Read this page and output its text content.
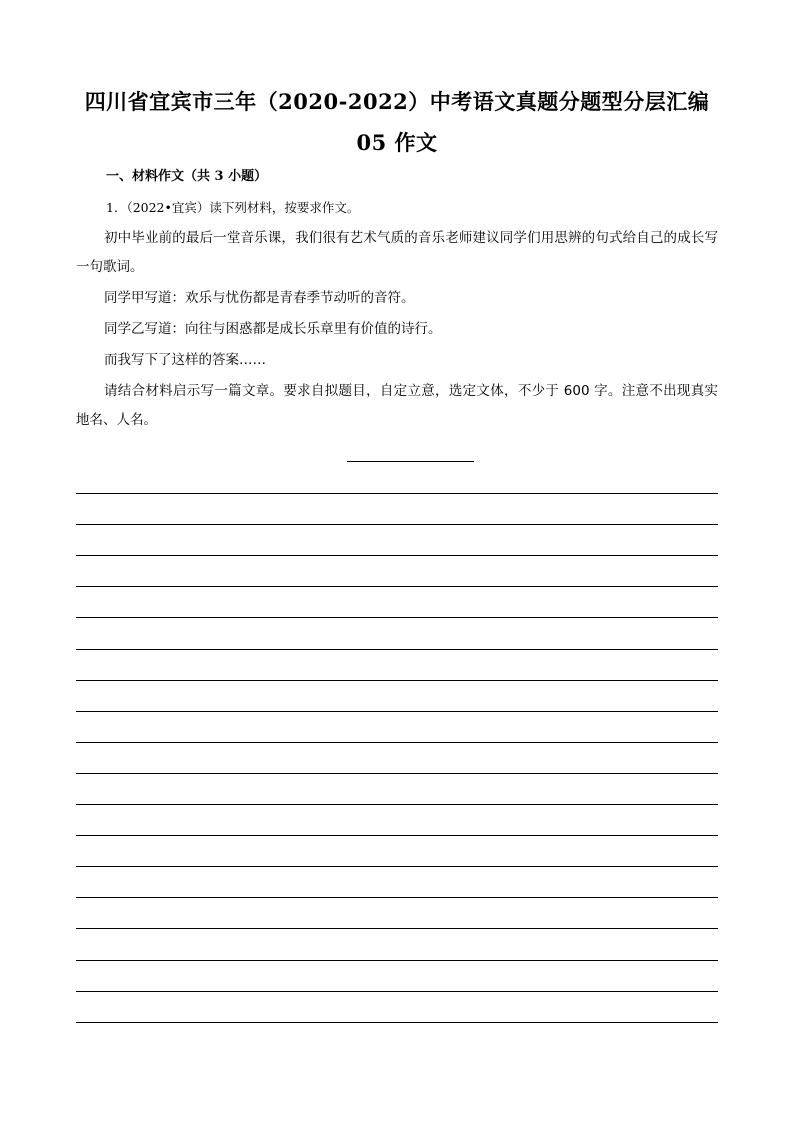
四川省宜宾市三年（2020-2022）中考语文真题分题型分层汇编
05 作文
一、材料作文（共 3 小题）
1．（2022•宜宾）读下列材料，按要求作文。
初中毕业前的最后一堂音乐课，我们很有艺术气质的音乐老师建议同学们用思辨的句式给自己的成长写一句歌词。
同学甲写道：欢乐与忧伤都是青春季节动听的音符。
同学乙写道：向往与困惑都是成长乐章里有价值的诗行。
而我写下了这样的答案……
请结合材料启示写一篇文章。要求自拟题目，自定立意，选定文体，不少于 600 字。注意不出现真实地名、人名。
